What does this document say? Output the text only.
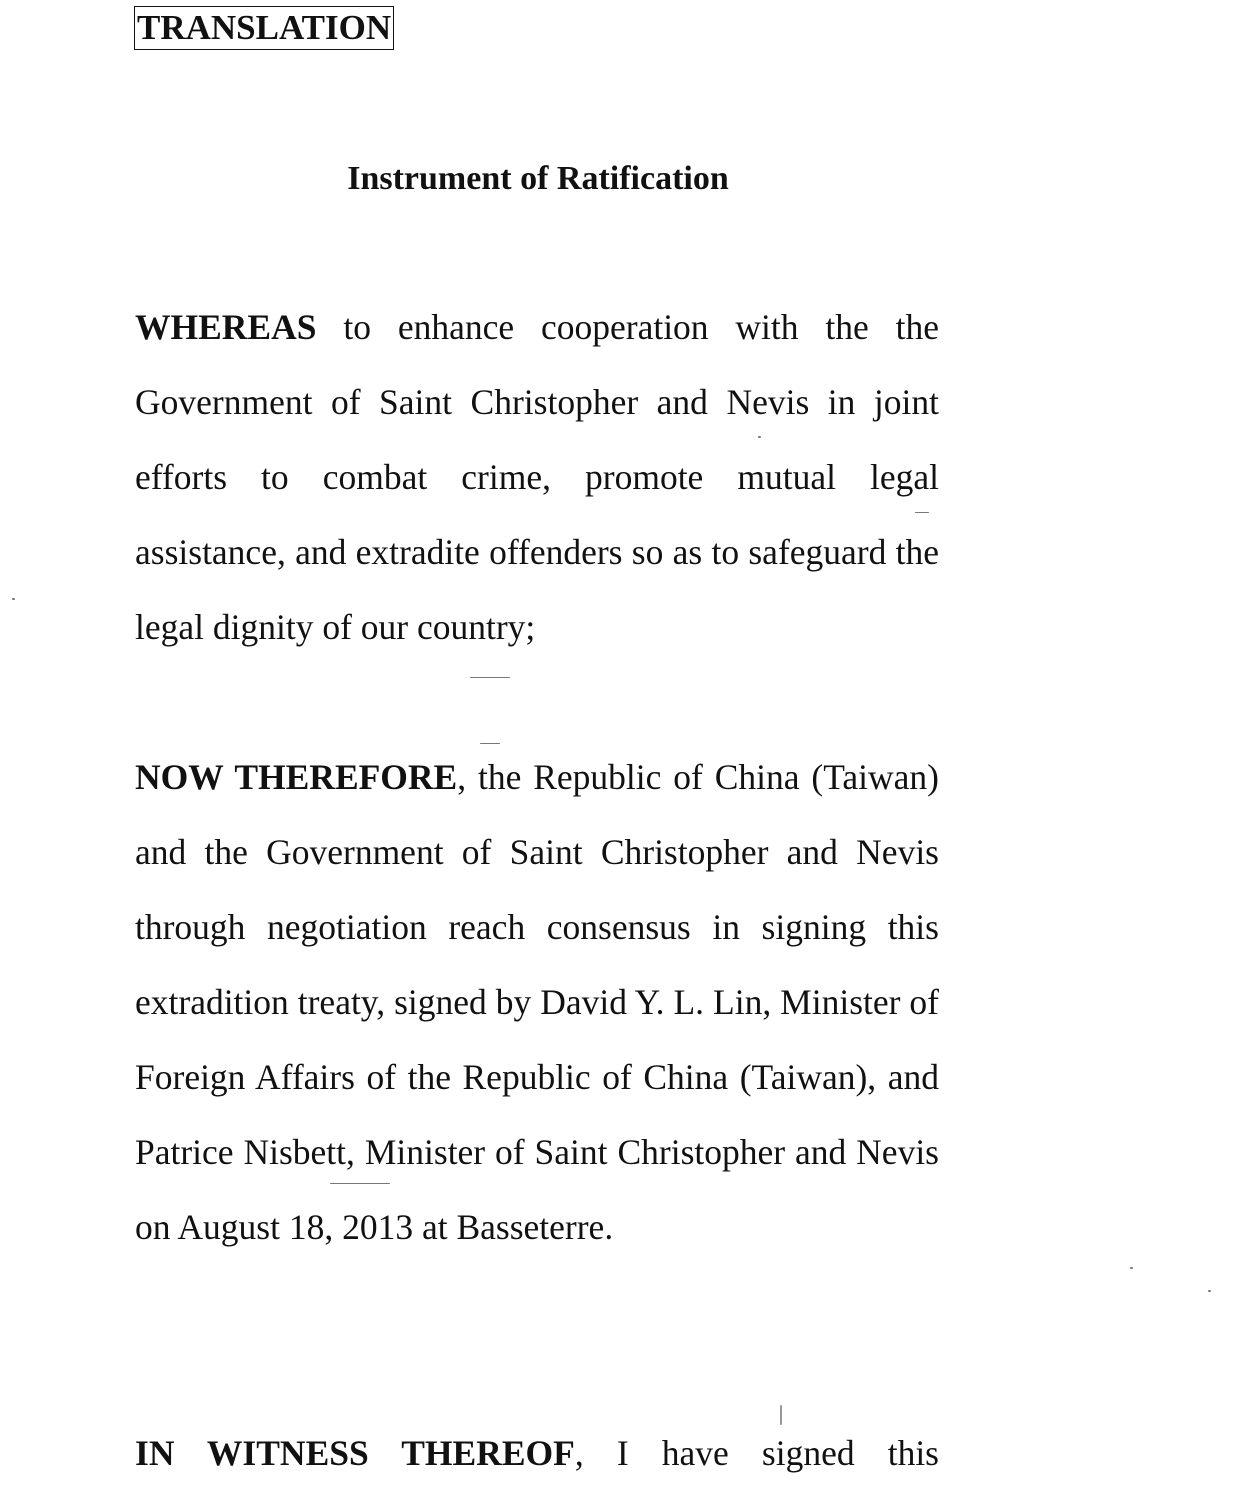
TRANSLATION
Instrument of Ratification

WHEREAS to enhance cooperation with the the Government of Saint Christopher and Nevis in joint efforts to combat crime, promote mutual legal assistance, and extradite offenders so as to safeguard the legal dignity of our country;

NOW THEREFORE, the Republic of China (Taiwan) and the Government of Saint Christopher and Nevis through negotiation reach consensus in signing this extradition treaty, signed by David Y. L. Lin, Minister of Foreign Affairs of the Republic of China (Taiwan), and Patrice Nisbett, Minister of Saint Christopher and Nevis on August 18, 2013 at Basseterre.

IN WITNESS THEREOF, I have signed this
